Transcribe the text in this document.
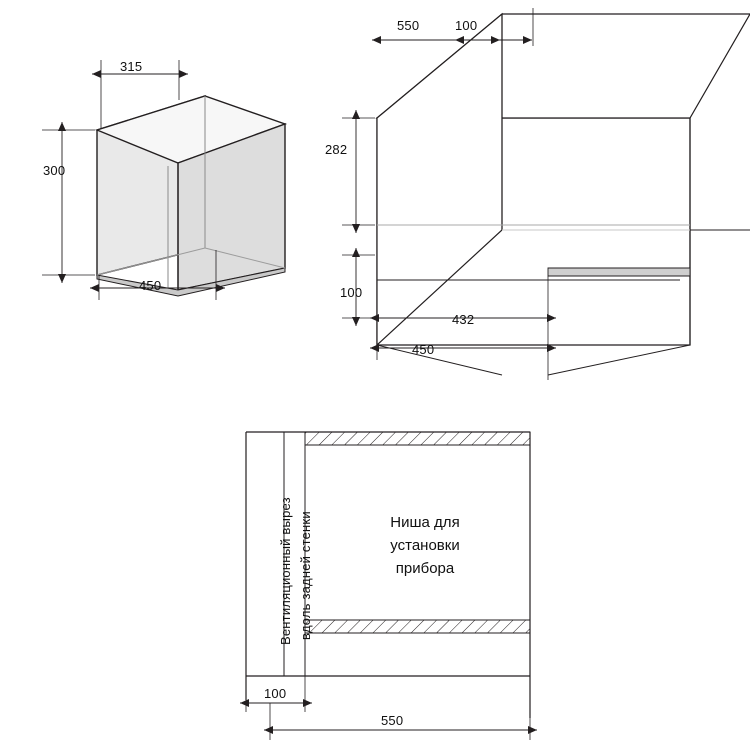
315
300
450
550	100
282
100
432
450
100
550
Вентиляционный вырез вдоль задней стенки	Ниша для
установки
прибора
